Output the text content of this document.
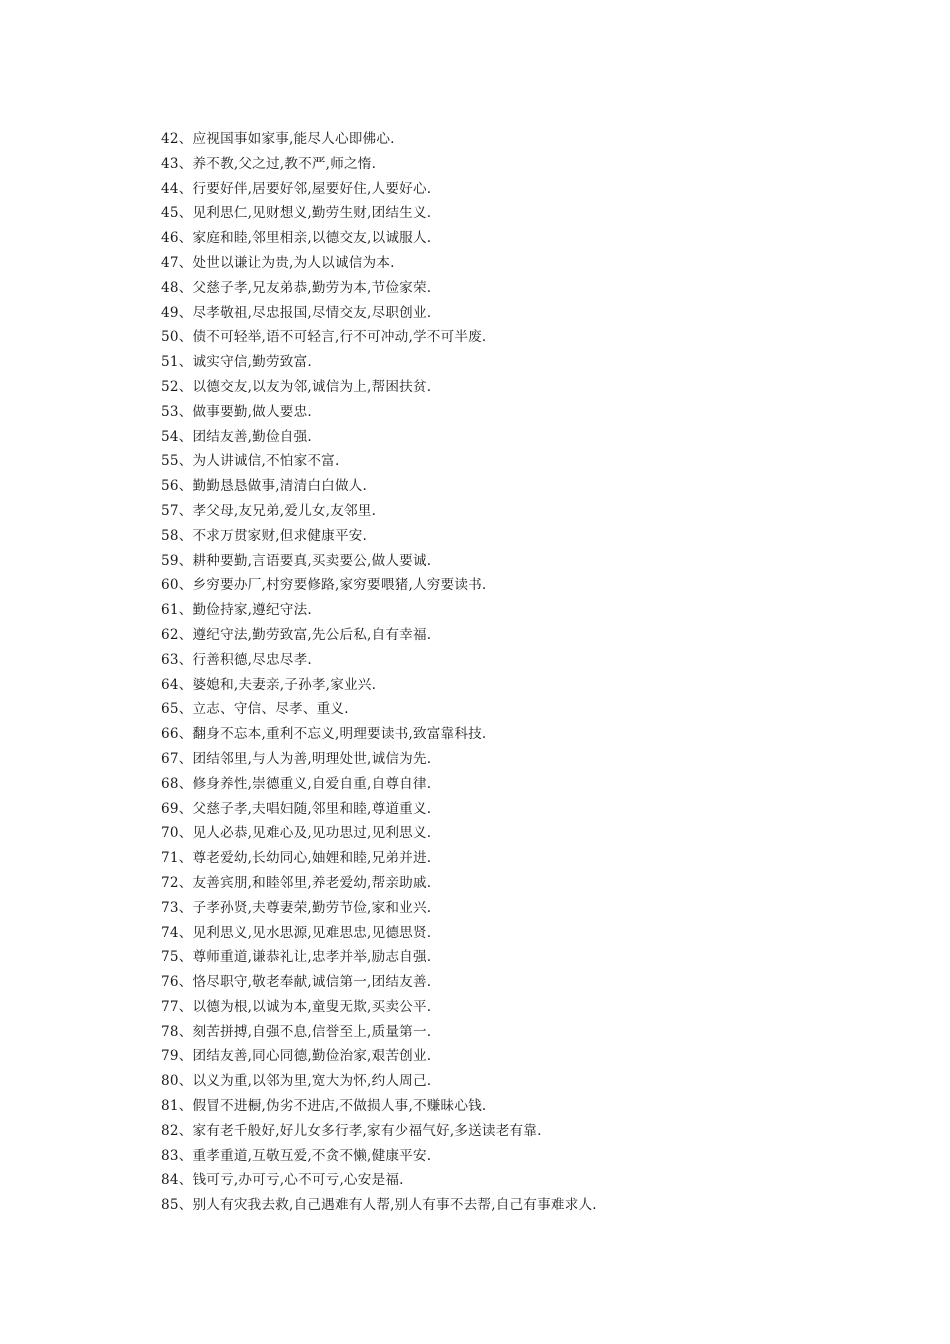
42、应视国事如家事,能尽人心即佛心.
43、养不教,父之过,教不严,师之惰.
44、行要好伴,居要好邻,屋要好住,人要好心.
45、见利思仁,见财想义,勤劳生财,团结生义.
46、家庭和睦,邻里相亲,以德交友,以诚服人.
47、处世以谦让为贵,为人以诚信为本.
48、父慈子孝,兄友弟恭,勤劳为本,节俭家荣.
49、尽孝敬祖,尽忠报国,尽情交友,尽职创业.
50、债不可轻举,语不可轻言,行不可冲动,学不可半废.
51、诚实守信,勤劳致富.
52、以德交友,以友为邻,诚信为上,帮困扶贫.
53、做事要勤,做人要忠.
54、团结友善,勤俭自强.
55、为人讲诚信,不怕家不富.
56、勤勤恳恳做事,清清白白做人.
57、孝父母,友兄弟,爱儿女,友邻里.
58、不求万贯家财,但求健康平安.
59、耕种要勤,言语要真,买卖要公,做人要诚.
60、乡穷要办厂,村穷要修路,家穷要喂猪,人穷要读书.
61、勤俭持家,遵纪守法.
62、遵纪守法,勤劳致富,先公后私,自有幸福.
63、行善积德,尽忠尽孝.
64、婆媳和,夫妻亲,子孙孝,家业兴.
65、立志、守信、尽孝、重义.
66、翻身不忘本,重利不忘义,明理要读书,致富靠科技.
67、团结邻里,与人为善,明理处世,诚信为先.
68、修身养性,崇德重义,自爱自重,自尊自律.
69、父慈子孝,夫唱妇随,邻里和睦,尊道重义.
70、见人必恭,见难心及,见功思过,见利思义.
71、尊老爱幼,长幼同心,妯娌和睦,兄弟并进.
72、友善宾朋,和睦邻里,养老爱幼,帮亲助戚.
73、子孝孙贤,夫尊妻荣,勤劳节俭,家和业兴.
74、见利思义,见水思源,见难思忠,见德思贤.
75、尊师重道,谦恭礼让,忠孝并举,励志自强.
76、恪尽职守,敬老奉献,诚信第一,团结友善.
77、以德为根,以诚为本,童叟无欺,买卖公平.
78、刻苦拼搏,自强不息,信誉至上,质量第一.
79、团结友善,同心同德,勤俭治家,艰苦创业.
80、以义为重,以邻为里,宽大为怀,约人周己.
81、假冒不进橱,伪劣不进店,不做损人事,不赚昧心钱.
82、家有老千般好,好儿女多行孝,家有少福气好,多送读老有靠.
83、重孝重道,互敬互爱,不贪不懒,健康平安.
84、钱可亏,办可亏,心不可亏,心安是福.
85、别人有灾我去救,自己遇难有人帮,别人有事不去帮,自己有事难求人.
